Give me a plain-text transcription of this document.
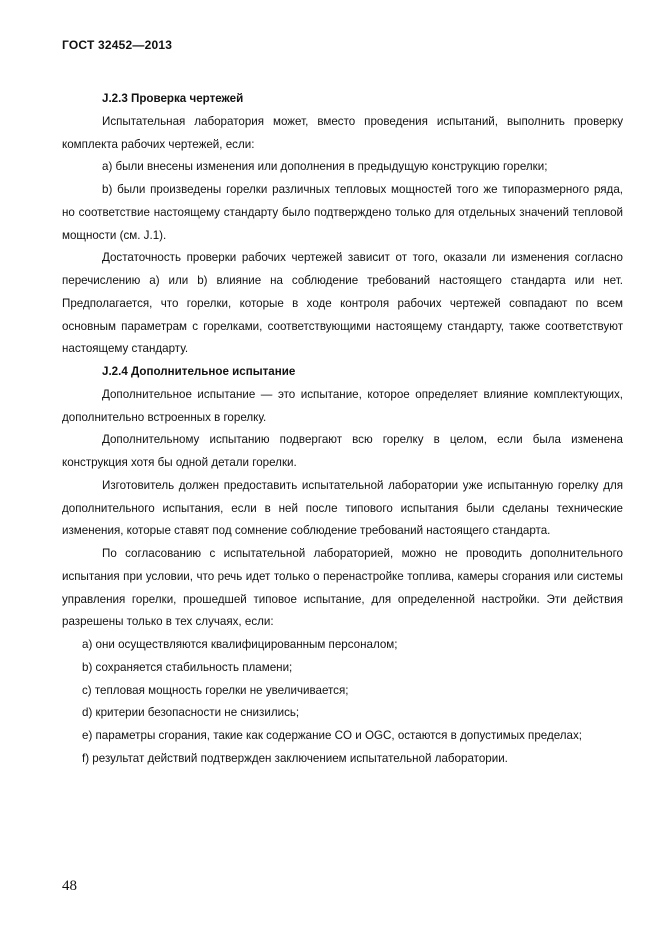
ГОСТ 32452—2013

J.2.3 Проверка чертежей

Испытательная лаборатория может, вместо проведения испытаний, выполнить проверку комплекта рабочих чертежей, если:

а) были внесены изменения или дополнения в предыдущую конструкцию горелки;

b) были произведены горелки различных тепловых мощностей того же типоразмерного ряда, но соответствие настоящему стандарту было подтверждено только для отдельных значений тепловой мощности (см. J.1).

Достаточность проверки рабочих чертежей зависит от того, оказали ли изменения согласно перечислению a) или b) влияние на соблюдение требований настоящего стандарта или нет. Предполагается, что горелки, которые в ходе контроля рабочих чертежей совпадают по всем основным параметрам с горелками, соответствующими настоящему стандарту, также соответствуют настоящему стандарту.

J.2.4 Дополнительное испытание

Дополнительное испытание — это испытание, которое определяет влияние комплектующих, дополнительно встроенных в горелку.

Дополнительному испытанию подвергают всю горелку в целом, если была изменена конструкция хотя бы одной детали горелки.

Изготовитель должен предоставить испытательной лаборатории уже испытанную горелку для дополнительного испытания, если в ней после типового испытания были сделаны технические изменения, которые ставят под сомнение соблюдение требований настоящего стандарта.

По согласованию с испытательной лабораторией, можно не проводить дополнительного испытания при условии, что речь идет только о перенастройке топлива, камеры сгорания или системы управления горелки, прошедшей типовое испытание, для определенной настройки. Эти действия разрешены только в тех случаях, если:

a) они осуществляются квалифицированным персоналом;

b) сохраняется стабильность пламени;

c) тепловая мощность горелки не увеличивается;

d) критерии безопасности не снизились;

e) параметры сгорания, такие как содержание CO и OGC, остаются в допустимых пределах;

f) результат действий подтвержден заключением испытательной лаборатории.

48
